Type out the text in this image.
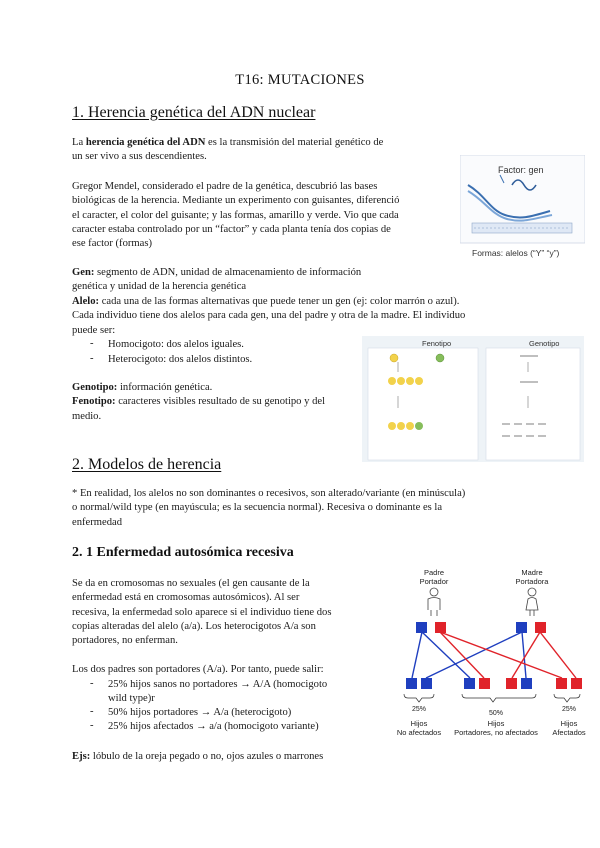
T16: MUTACIONES
1. Herencia genética del ADN nuclear
La herencia genética del ADN es la transmisión del material genético de
un ser vivo a sus descendientes.
Gregor Mendel, considerado el padre de la genética, descubrió las bases
biológicas de la herencia. Mediante un experimento con guisantes, diferenció
el caracter, el color del guisante; y las formas, amarillo y verde. Vio que cada
caracter estaba controlado por un “factor” y cada planta tenía dos copias de
ese factor (formas)
Gen: segmento de ADN, unidad de almacenamiento de información
genética y unidad de la herencia genética
Alelo: cada una de las formas alternativas que puede tener un gen (ej: color marrón o azul).
Cada individuo tiene dos alelos para cada gen, una del padre y otra de la madre. El individuo
puede ser:
- Homocigoto: dos alelos iguales.
- Heterocigoto: dos alelos distintos.
Genotipo: información genética.
Fenotipo: caracteres visibles resultado de su genotipo y del
medio.
Factor: gen
Formas: alelos (“Y” “y”)
Fenotipo	Genotipo
2. Modelos de herencia
* En realidad, los alelos no son dominantes o recesivos, son alterado/variante (en minúscula)
o normal/wild type (en mayúscula; es la secuencia normal). Recesiva o dominante es la
enfermedad
2. 1 Enfermedad autosómica recesiva
Se da en cromosomas no sexuales (el gen causante de la
enfermedad está en cromosomas autosómicos). Al ser
recesiva, la enfermedad solo aparece si el individuo tiene dos
copias alteradas del alelo (a/a). Los heterocigotos A/a son
portadores, no enferman.
Los dos padres son portadores (A/a). Por tanto, puede salir:
- 25% hijos sanos no portadores → A/A (homocigoto
wild type)r
- 50% hijos portadores → A/a (heterocigoto)
- 25% hijos afectados → a/a (homocigoto variante)
Ejs: lóbulo de la oreja pegado o no, ojos azules o marrones
Padre
Portador
Madre
Portadora
25%
50%
25%
Hijos
No afectados
Hijos
Portadores, no afectados
Hijos
Afectados
